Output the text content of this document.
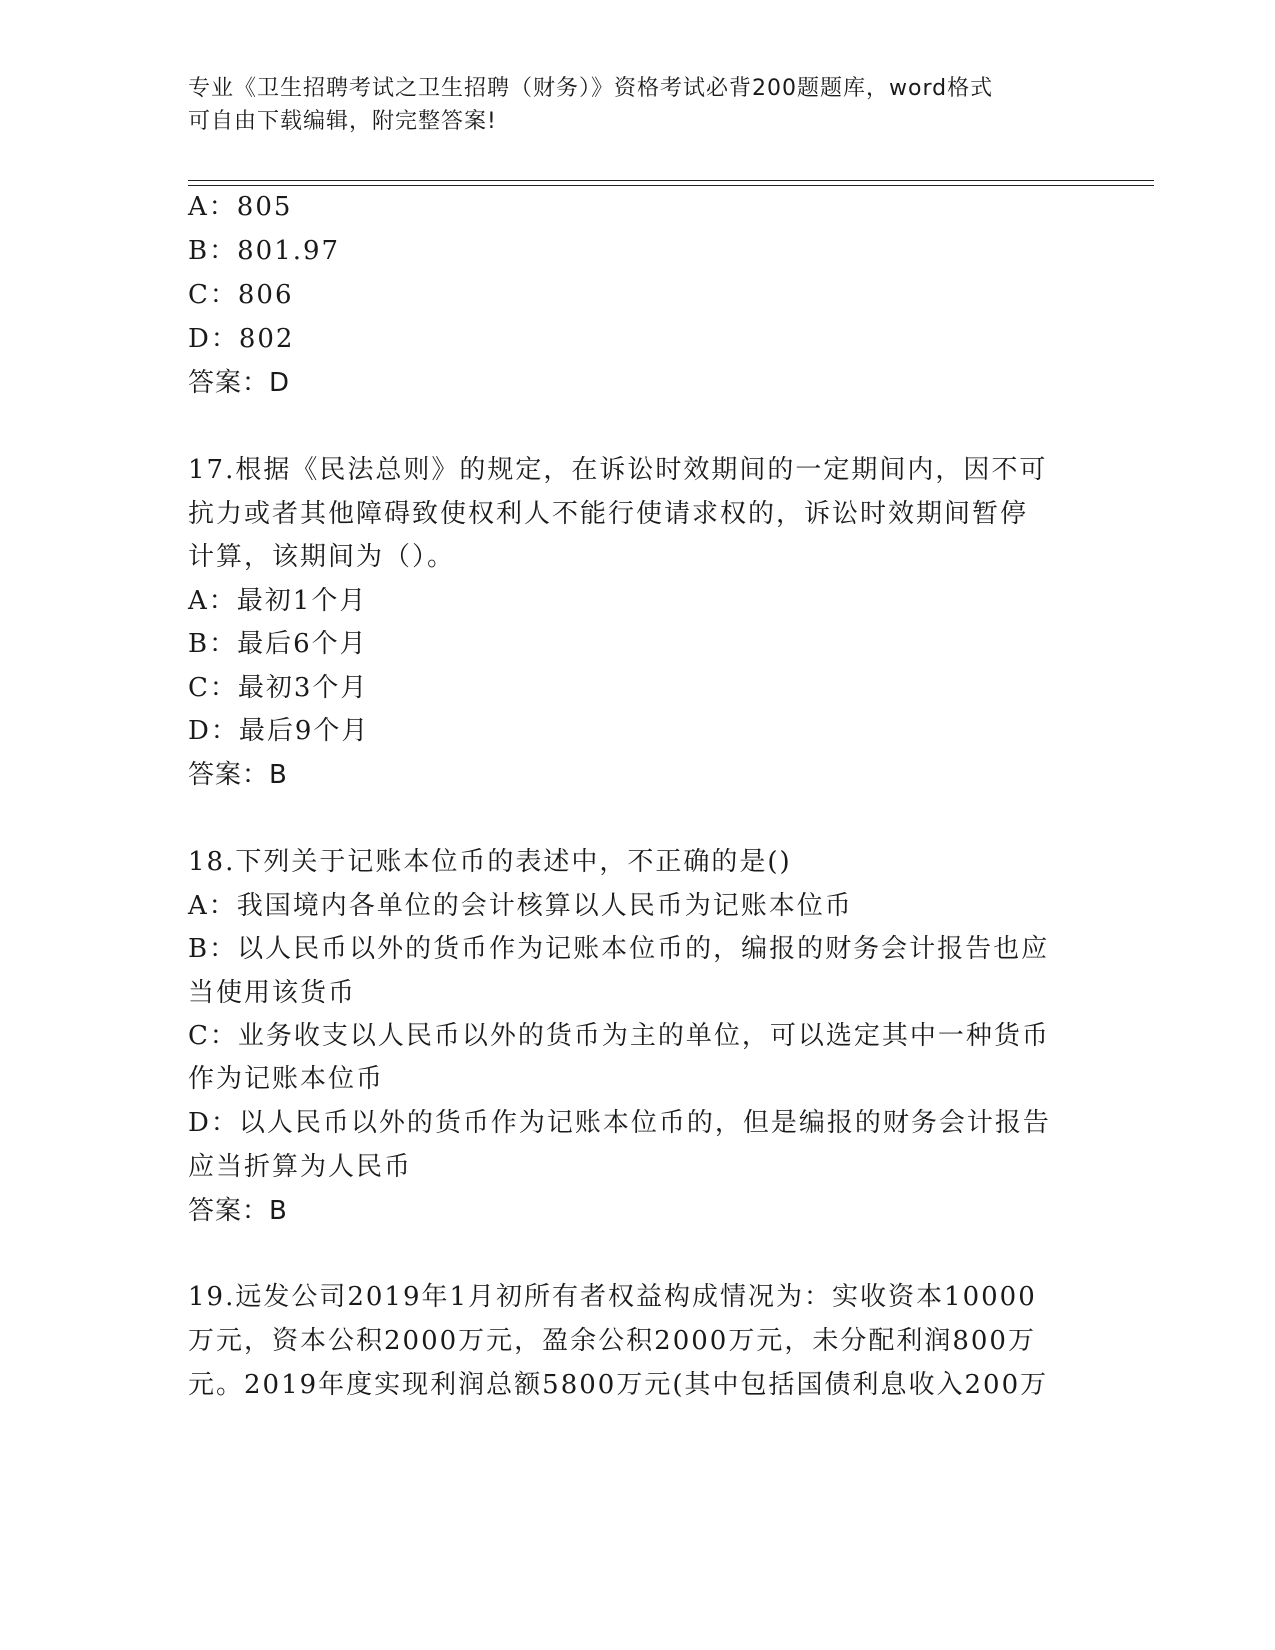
专业《卫生招聘考试之卫生招聘（财务）》资格考试必背200题题库，word格式
可自由下载编辑，附完整答案!
A：805
B：801.97
C：806
D：802
答案：D
17.根据《民法总则》的规定，在诉讼时效期间的一定期间内，因不可
抗力或者其他障碍致使权利人不能行使请求权的，诉讼时效期间暂停
计算，该期间为（）。
A：最初1个月
B：最后6个月
C：最初3个月
D：最后9个月
答案：B
18.下列关于记账本位币的表述中，不正确的是()
A：我国境内各单位的会计核算以人民币为记账本位币
B：以人民币以外的货币作为记账本位币的，编报的财务会计报告也应
当使用该货币
C：业务收支以人民币以外的货币为主的单位，可以选定其中一种货币
作为记账本位币
D：以人民币以外的货币作为记账本位币的，但是编报的财务会计报告
应当折算为人民币
答案：B
19.远发公司2019年1月初所有者权益构成情况为：实收资本10000
万元，资本公积2000万元，盈余公积2000万元，未分配利润800万
元。2019年度实现利润总额5800万元(其中包括国债利息收入200万
